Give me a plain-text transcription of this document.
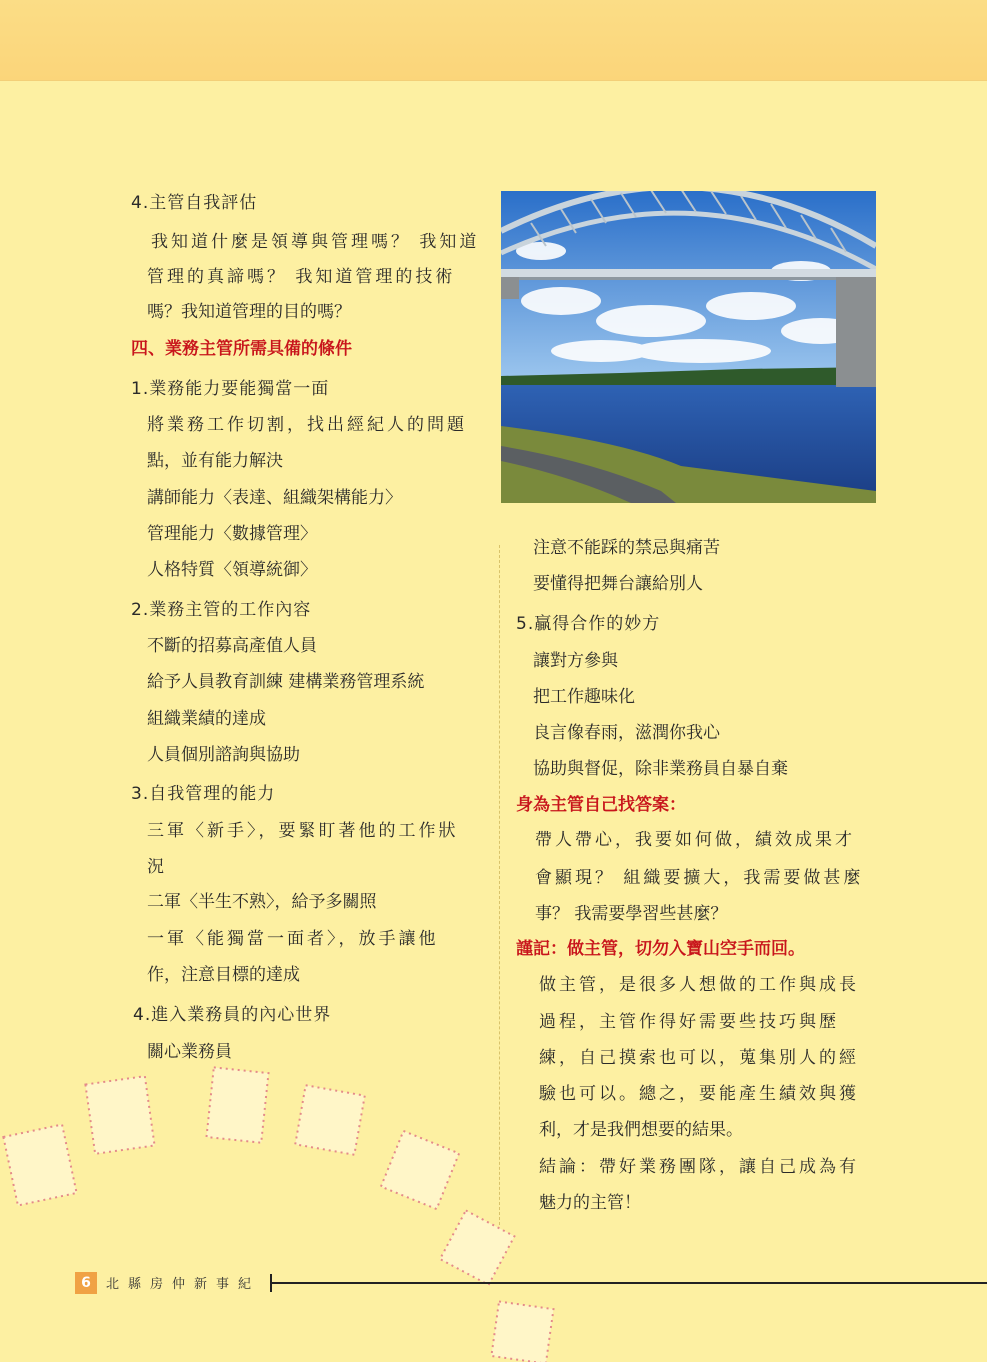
4.主管自我評估
我知道什麼是領導與管理嗎？ 我知道
管理的真諦嗎？ 我知道管理的技術
嗎？我知道管理的目的嗎？
四、業務主管所需具備的條件
1.業務能力要能獨當一面
將業務工作切割，找出經紀人的問題
點，並有能力解決
講師能力〈表達、組織架構能力〉
管理能力〈數據管理〉
人格特質〈領導統御〉
2.業務主管的工作內容
不斷的招募高產值人員
給予人員教育訓練 建構業務管理系統
組織業績的達成
人員個別諮詢與協助
3.自我管理的能力
三軍〈新手〉，要緊盯著他的工作狀
況
二軍〈半生不熟〉，給予多關照
一軍〈能獨當一面者〉，放手讓他
作，注意目標的達成
4.進入業務員的內心世界
關心業務員
注意不能踩的禁忌與痛苦
要懂得把舞台讓給別人
5.贏得合作的妙方
讓對方參與
把工作趣味化
良言像春雨，滋潤你我心
協助與督促，除非業務員自暴自棄
身為主管自己找答案：
帶人帶心，我要如何做，績效成果才
會顯現？ 組織要擴大，我需要做甚麼
事？ 我需要學習些甚麼？
謹記：做主管，切勿入寶山空手而回。
做主管，是很多人想做的工作與成長
過程，主管作得好需要些技巧與歷
練，自己摸索也可以，蒐集別人的經
驗也可以。總之，要能產生績效與獲
利，才是我們想要的結果。
結論：帶好業務團隊，讓自己成為有
魅力的主管！
6	北縣房仲新事紀
